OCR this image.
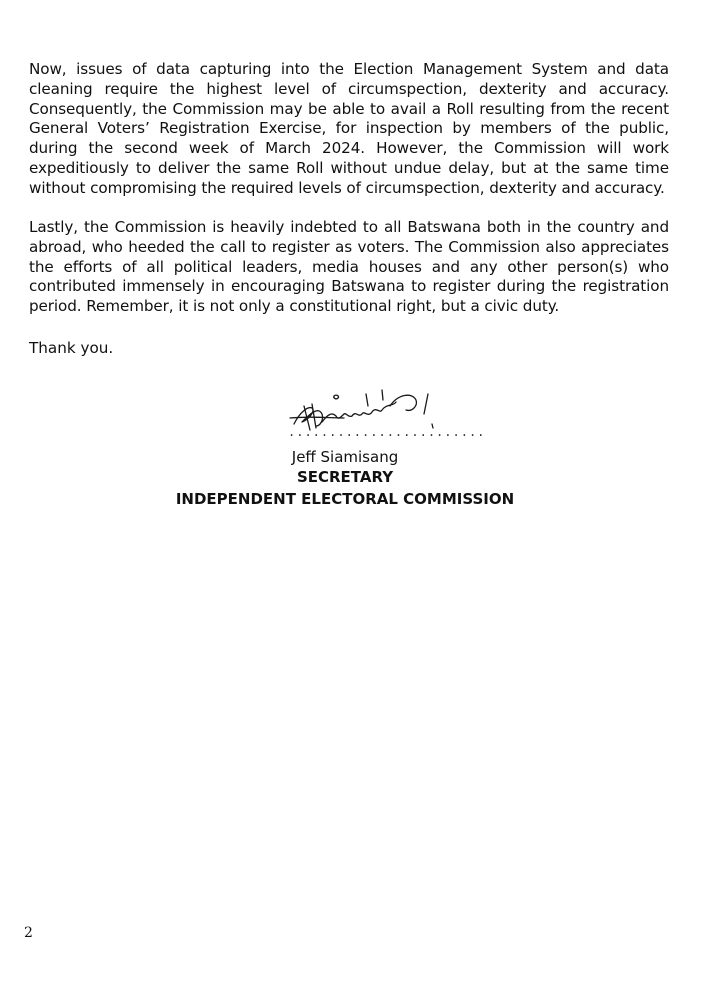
Now, issues of data capturing into the Election Management System and data cleaning require the highest level of circumspection, dexterity and accuracy. Consequently, the Commission may be able to avail a Roll resulting from the recent General Voters’ Registration Exercise, for inspection by members of the public, during the second week of March 2024. However, the Commission will work expeditiously to deliver the same Roll without undue delay, but at the same time without compromising the required levels of circumspection, dexterity and accuracy.

Lastly, the Commission is heavily indebted to all Batswana both in the country and abroad, who heeded the call to register as voters. The Commission also appreciates the efforts of all political leaders, media houses and any other person(s) who contributed immensely in encouraging Batswana to register during the registration period. Remember, it is not only a constitutional right, but a civic duty.

Thank you.

........................
Jeff Siamisang
SECRETARY
INDEPENDENT ELECTORAL COMMISSION
2
